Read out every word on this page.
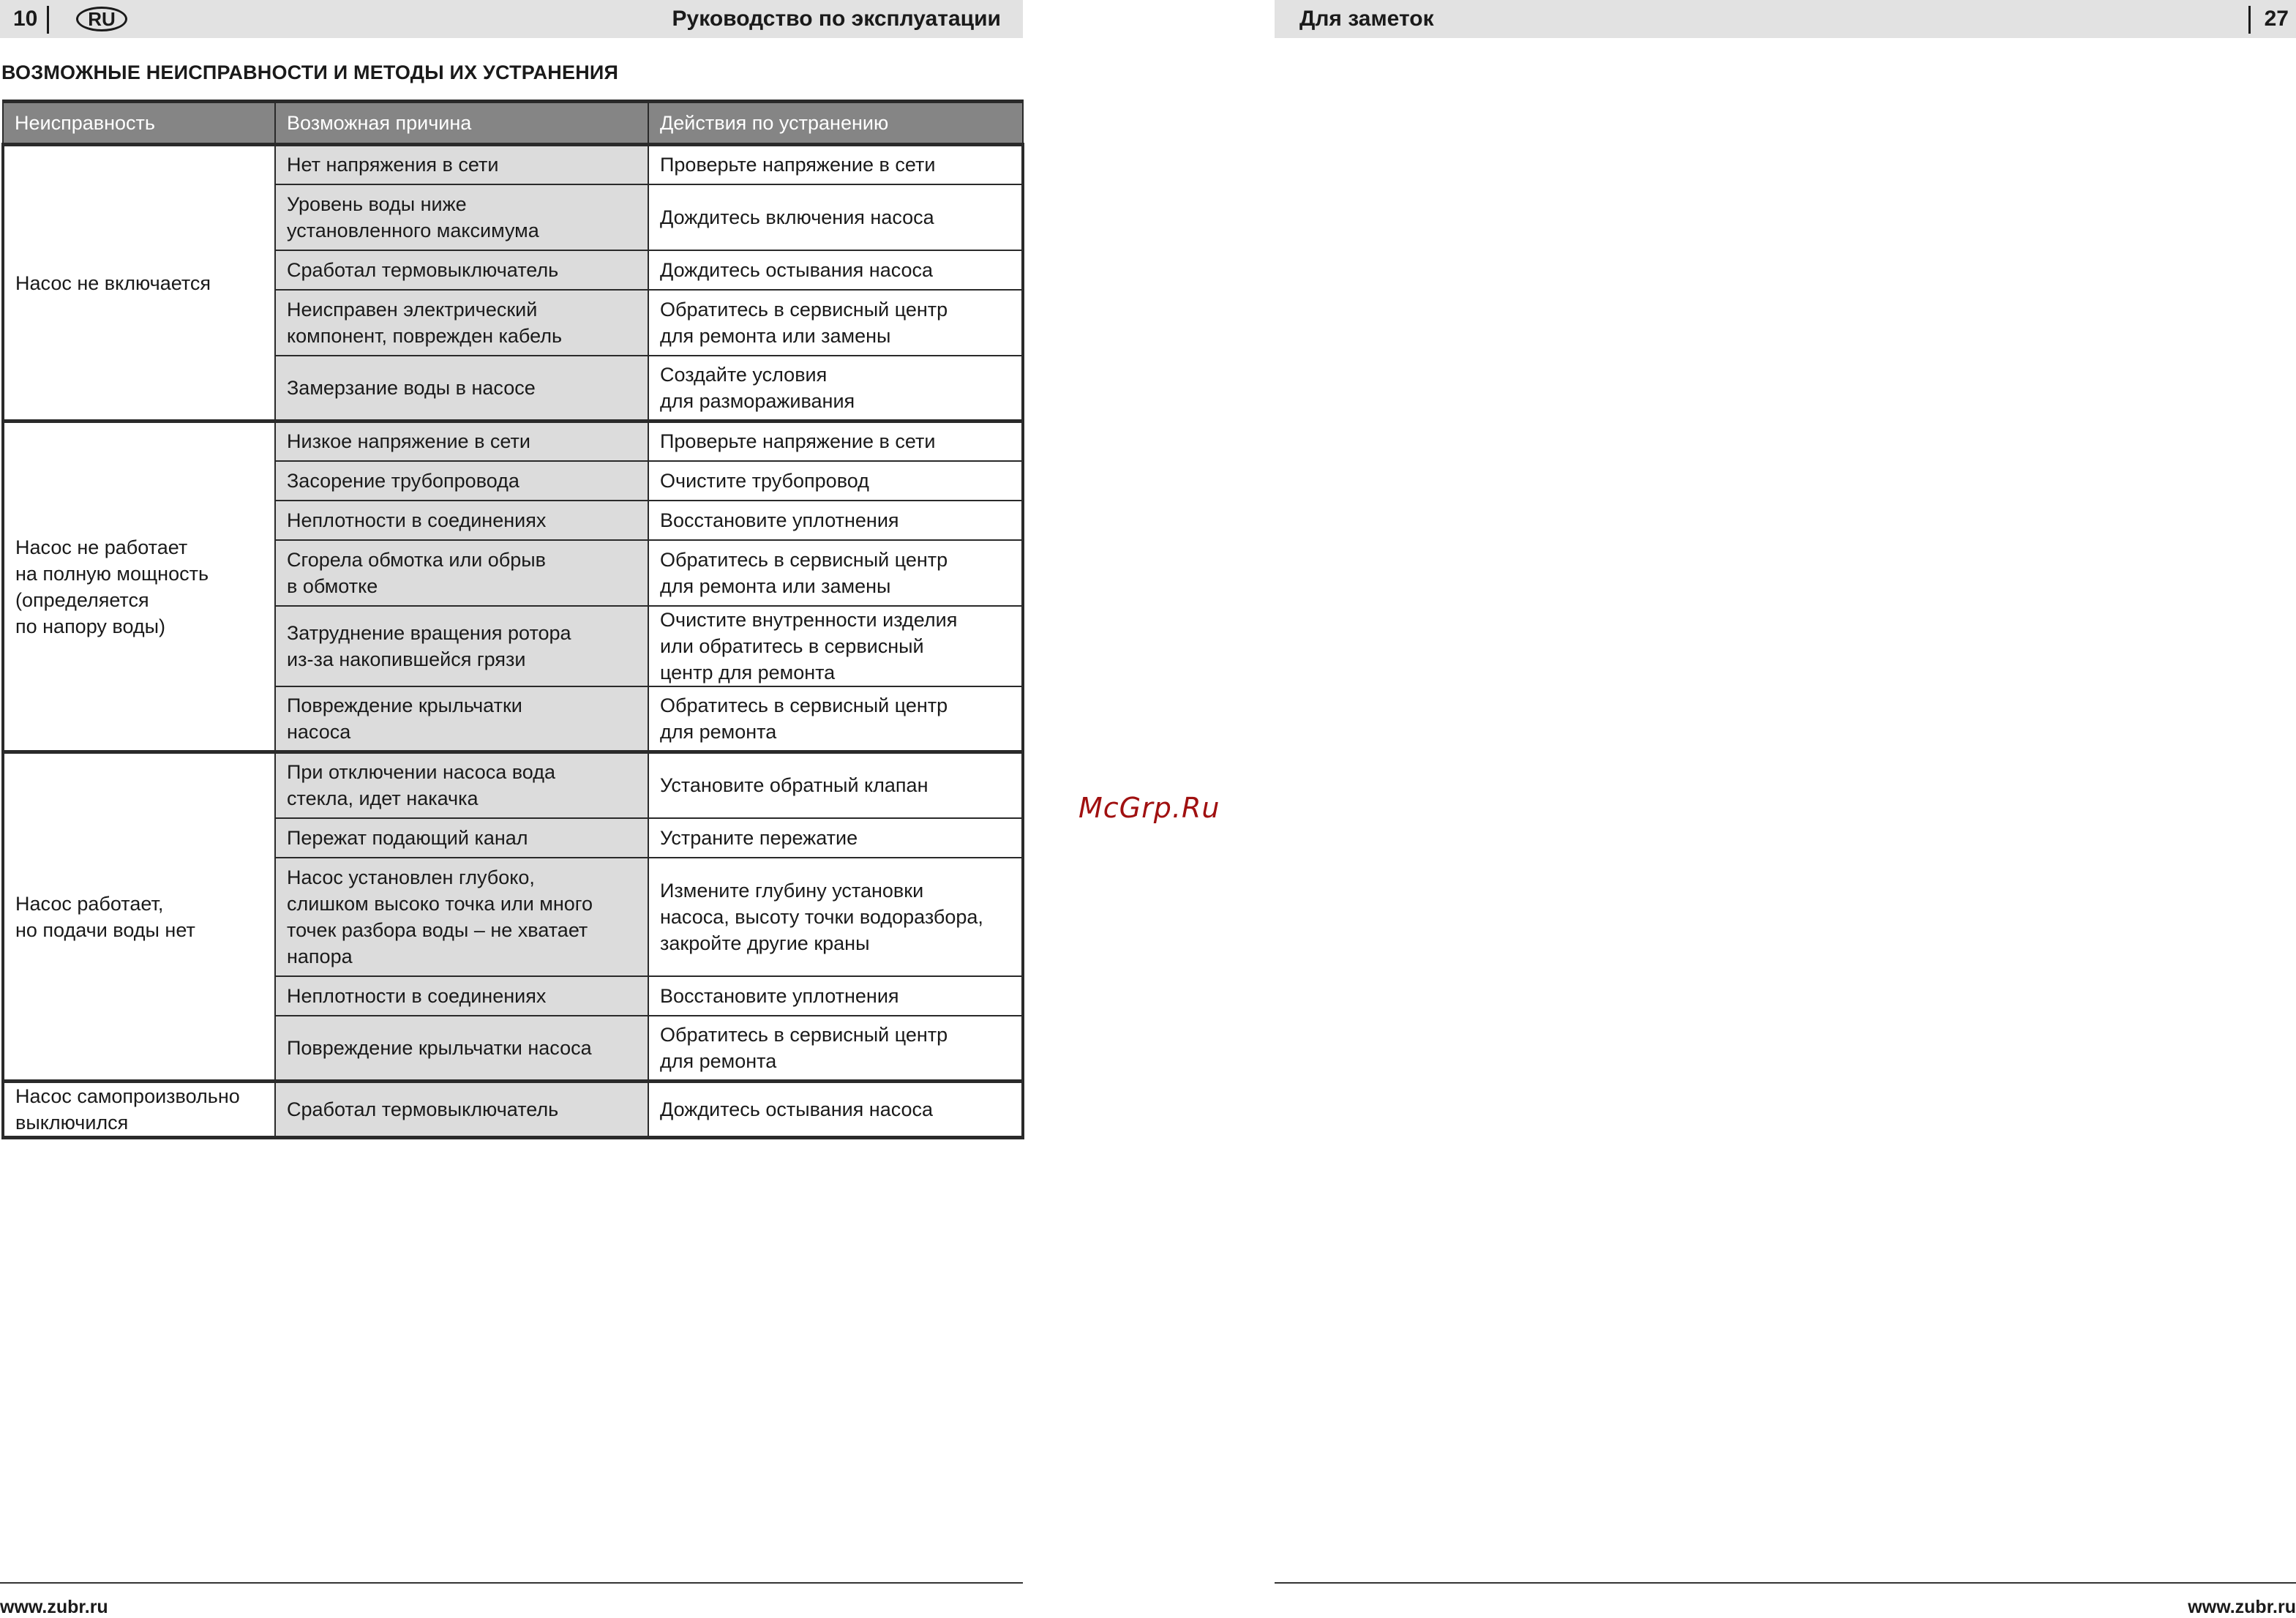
10	RU	Руководство по эксплуатации	Для заметок	27
ВОЗМОЖНЫЕ НЕИСПРАВНОСТИ И МЕТОДЫ ИХ УСТРАНЕНИЯ
Неисправность	Возможная причина	Действия по устранению

Насос не включается	Нет напряжения в сети	Проверьте напряжение в сети

	Уровень воды ниже
установленного максимума	Дождитесь включения насоса

	Сработал термовыключатель	Дождитесь остывания насоса

	Неисправен электрический
компонент, поврежден кабель	Обратитесь в сервисный центр
для ремонта или замены

	Замерзание воды в насосе	Создайте условия
для размораживания

Насос не работает
на полную мощность
(определяется
по напору воды)	Низкое напряжение в сети	Проверьте напряжение в сети

	Засорение трубопровода	Очистите трубопровод

	Неплотности в соединениях	Восстановите уплотнения

	Сгорела обмотка или обрыв
в обмотке	Обратитесь в сервисный центр
для ремонта или замены

	Затруднение вращения ротора
из-за накопившейся грязи	Очистите внутренности изделия
или обратитесь в сервисный
центр для ремонта

	Повреждение крыльчатки
насоса	Обратитесь в сервисный центр
для ремонта

Насос работает,
но подачи воды нет	При отключении насоса вода
стекла, идет накачка	Установите обратный клапан

	Пережат подающий канал	Устраните пережатие

	Насос установлен глубоко,
слишком высоко точка или много
точек разбора воды – не хватает
напора	Измените глубину установки
насоса, высоту точки водоразбора,
закройте другие краны

	Неплотности в соединениях	Восстановите уплотнения

	Повреждение крыльчатки насоса	Обратитесь в сервисный центр
для ремонта

Насос самопроизвольно
выключился	Сработал термовыключатель	Дождитесь остывания насоса
McGrp.Ru
www.zubr.ru	www.zubr.ru
